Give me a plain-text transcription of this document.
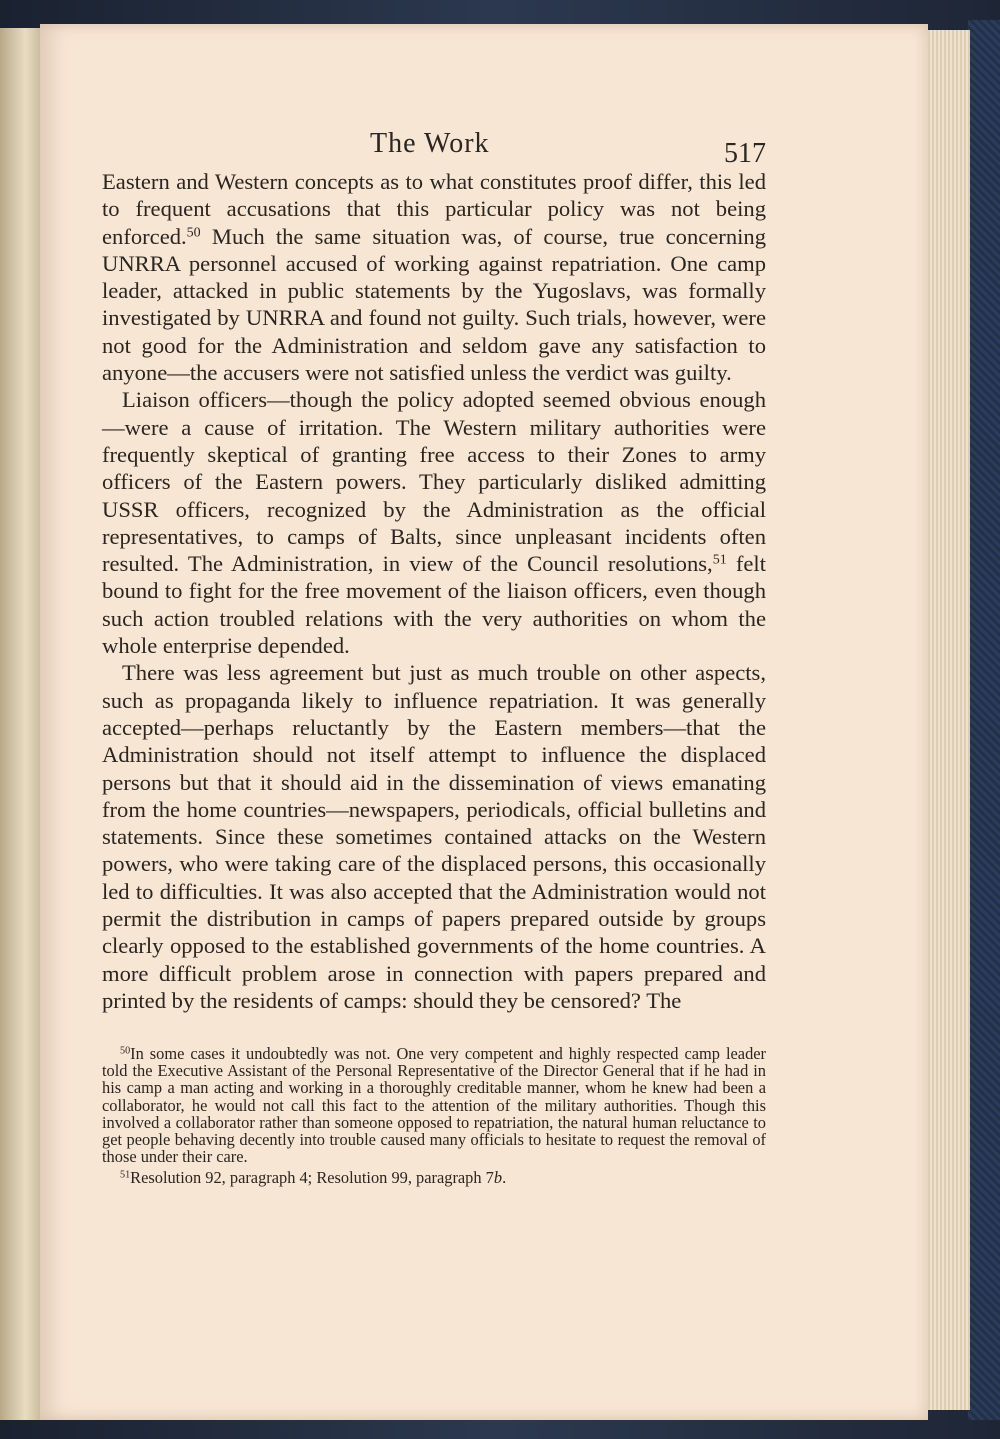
The Work	517

Eastern and Western concepts as to what constitutes proof differ, this led to frequent accusations that this particular policy was not being enforced.$^{50}$ Much the same situation was, of course, true concerning UNRRA personnel accused of working against repatriation. One camp leader, attacked in public statements by the Yugoslavs, was formally investigated by UNRRA and found not guilty. Such trials, however, were not good for the Administration and seldom gave any satisfaction to anyone—the accusers were not satisfied unless the verdict was guilty.

Liaison officers—though the policy adopted seemed obvious enough —were a cause of irritation. The Western military authorities were frequently skeptical of granting free access to their Zones to army officers of the Eastern powers. They particularly disliked admitting USSR officers, recognized by the Administration as the official representatives, to camps of Balts, since unpleasant incidents often resulted. The Administration, in view of the Council resolutions,$^{51}$ felt bound to fight for the free movement of the liaison officers, even though such action troubled relations with the very authorities on whom the whole enterprise depended.

There was less agreement but just as much trouble on other aspects, such as propaganda likely to influence repatriation. It was generally accepted—perhaps reluctantly by the Eastern members—that the Administration should not itself attempt to influence the displaced persons but that it should aid in the dissemination of views emanating from the home countries—newspapers, periodicals, official bulletins and statements. Since these sometimes contained attacks on the Western powers, who were taking care of the displaced persons, this occasionally led to difficulties. It was also accepted that the Administration would not permit the distribution in camps of papers prepared outside by groups clearly opposed to the established governments of the home countries. A more difficult problem arose in connection with papers prepared and printed by the residents of camps: should they be censored? The

$^{50}$In some cases it undoubtedly was not. One very competent and highly respected camp leader told the Executive Assistant of the Personal Representative of the Director General that if he had in his camp a man acting and working in a thoroughly creditable manner, whom he knew had been a collaborator, he would not call this fact to the attention of the military authorities. Though this involved a collaborator rather than someone opposed to repatriation, the natural human reluctance to get people behaving decently into trouble caused many officials to hesitate to request the removal of those under their care.

$^{51}$Resolution 92, paragraph 4; Resolution 99, paragraph 7b.
